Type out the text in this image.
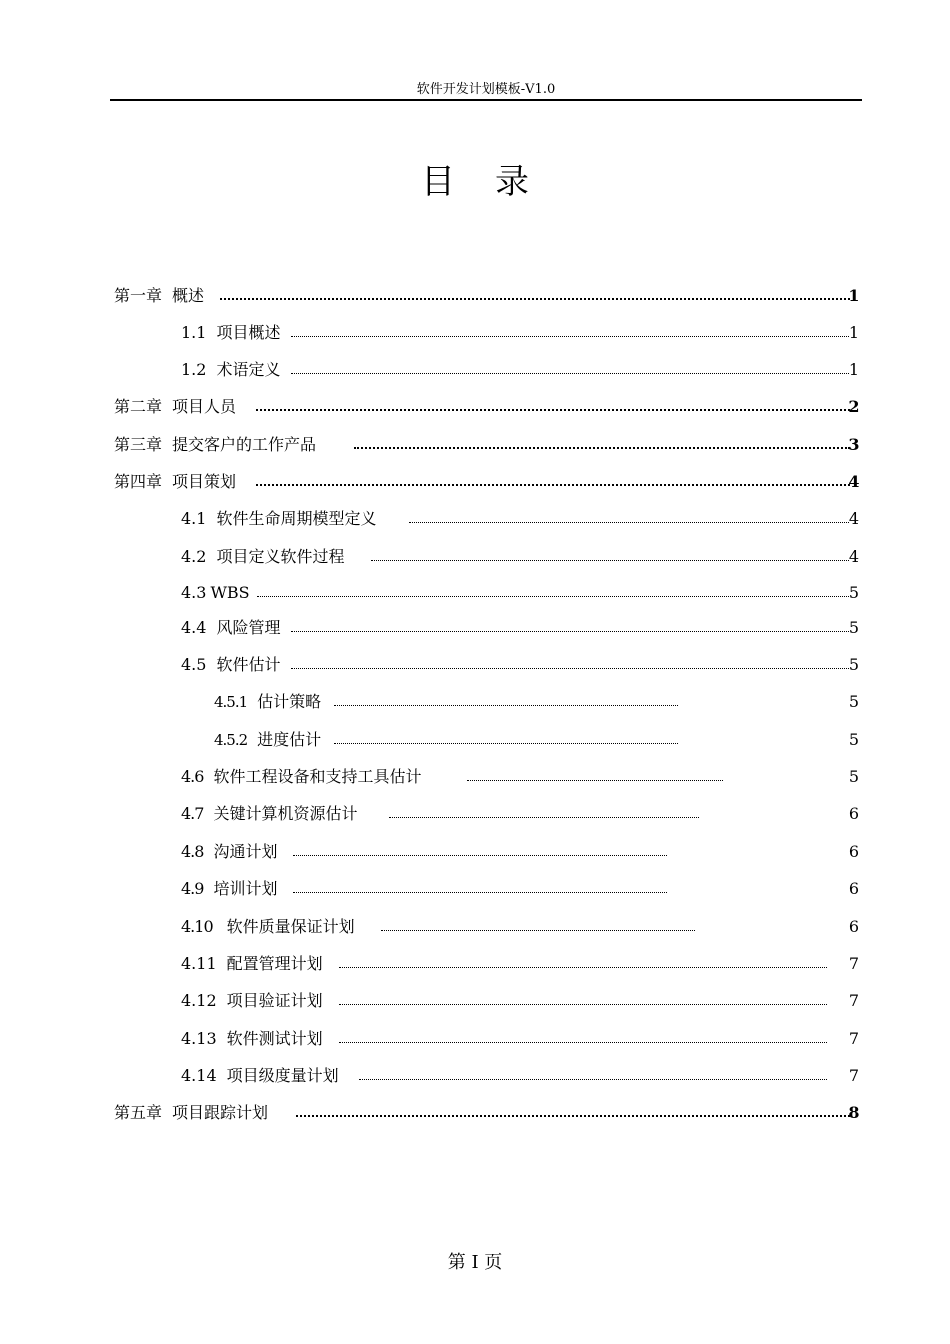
软件开发计划模板-V1.0
目录
第一章 概述	1
1.1 项目概述	1
1.2 术语定义	1
第二章 项目人员	2
第三章 提交客户的工作产品	3
第四章 项目策划	4
4.1 软件生命周期模型定义	4
4.2 项目定义软件过程	4
4.3 WBS	5
4.4 风险管理	5
4.5 软件估计	5
4.5.1 估计策略	5
4.5.2 进度估计	5
4.6 软件工程设备和支持工具估计	5
4.7 关键计算机资源估计	6
4.8 沟通计划	6
4.9 培训计划	6
4.10 软件质量保证计划	6
4.11 配置管理计划	7
4.12 项目验证计划	7
4.13 软件测试计划	7
4.14 项目级度量计划	7
第五章 项目跟踪计划	8
第 I 页
